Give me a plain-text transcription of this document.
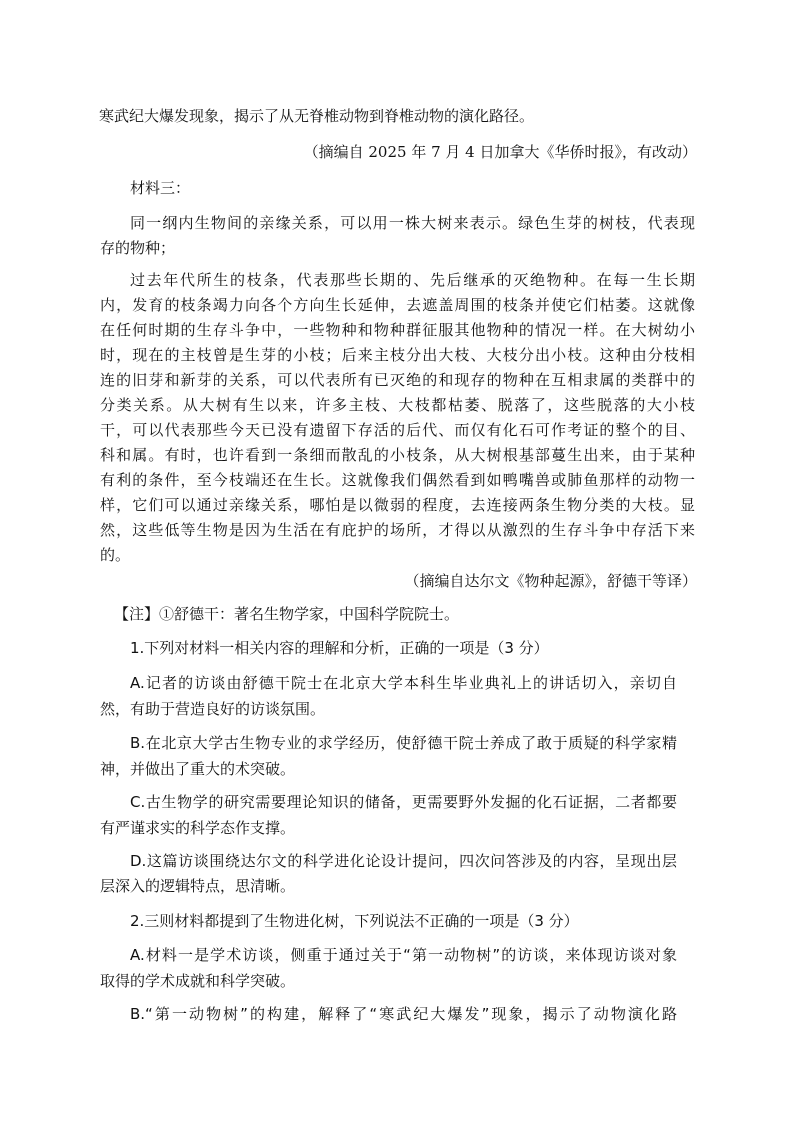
寒武纪大爆发现象，揭示了从无脊椎动物到脊椎动物的演化路径。
（摘编自 2025 年 7 月 4 日加拿大《华侨时报》，有改动）
材料三：
同一纲内生物间的亲缘关系，可以用一株大树来表示。绿色生芽的树枝，代表现
存的物种；
过去年代所生的枝条，代表那些长期的、先后继承的灭绝物种。在每一生长期
内，发育的枝条竭力向各个方向生长延伸，去遮盖周围的枝条并使它们枯萎。这就像
在任何时期的生存斗争中，一些物种和物种群征服其他物种的情况一样。在大树幼小
时，现在的主枝曾是生芽的小枝；后来主枝分出大枝、大枝分出小枝。这种由分枝相
连的旧芽和新芽的关系，可以代表所有已灭绝的和现存的物种在互相隶属的类群中的
分类关系。从大树有生以来，许多主枝、大枝都枯萎、脱落了，这些脱落的大小枝
干，可以代表那些今天已没有遗留下存活的后代、而仅有化石可作考证的整个的目、
科和属。有时，也许看到一条细而散乱的小枝条，从大树根基部蔓生出来，由于某种
有利的条件，至今枝端还在生长。这就像我们偶然看到如鸭嘴兽或肺鱼那样的动物一
样，它们可以通过亲缘关系，哪怕是以微弱的程度，去连接两条生物分类的大枝。显
然，这些低等生物是因为生活在有庇护的场所，才得以从激烈的生存斗争中存活下来
的。
（摘编自达尔文《物种起源》，舒德干等译）
【注】①舒德干：著名生物学家，中国科学院院士。
1.下列对材料一相关内容的理解和分析，正确的一项是（3 分）
A.记者的访谈由舒德干院士在北京大学本科生毕业典礼上的讲话切入，亲切自
然，有助于营造良好的访谈氛围。
B.在北京大学古生物专业的求学经历，使舒德干院士养成了敢于质疑的科学家精
神，并做出了重大的术突破。
C.古生物学的研究需要理论知识的储备，更需要野外发掘的化石证据，二者都要
有严谨求实的科学态作支撑。
D.这篇访谈围绕达尔文的科学进化论设计提问，四次问答涉及的内容，呈现出层
层深入的逻辑特点，思清晰。
2.三则材料都提到了生物进化树，下列说法不正确的一项是（3 分）
A.材料一是学术访谈，侧重于通过关于“第一动物树”的访谈，来体现访谈对象
取得的学术成就和科学突破。
B.“第一动物树”的构建，解释了“寒武纪大爆发”现象，揭示了动物演化路
